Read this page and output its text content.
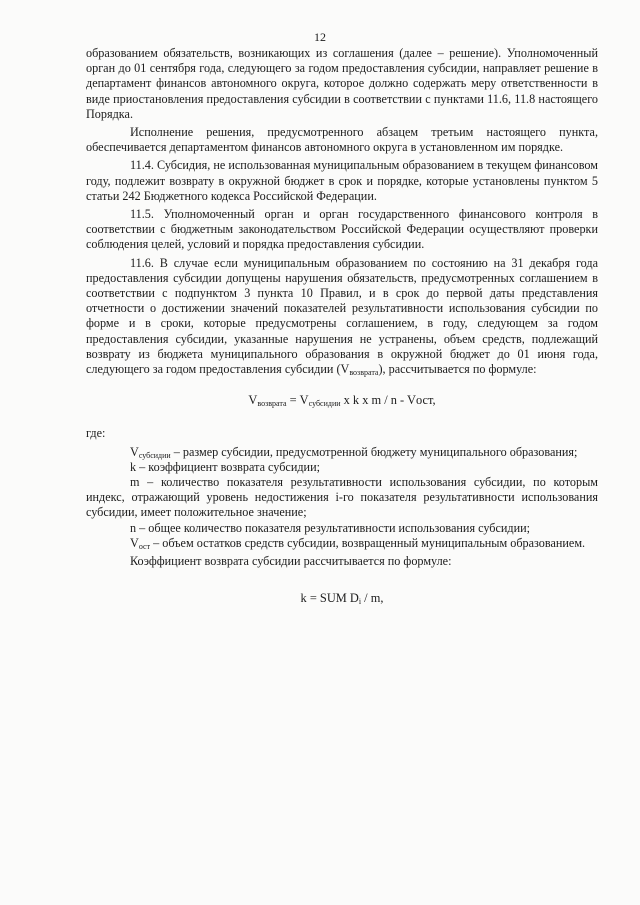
12

образованием обязательств, возникающих из соглашения (далее – решение). Уполномоченный орган до 01 сентября года, следующего за годом предоставления субсидии, направляет решение в департамент финансов автономного округа, которое должно содержать меру ответственности в виде приостановления предоставления субсидии в соответствии с пунктами 11.6, 11.8 настоящего Порядка.

Исполнение решения, предусмотренного абзацем третьим настоящего пункта, обеспечивается департаментом финансов автономного округа в установленном им порядке.

11.4. Субсидия, не использованная муниципальным образованием в текущем финансовом году, подлежит возврату в окружной бюджет в срок и порядке, которые установлены пунктом 5 статьи 242 Бюджетного кодекса Российской Федерации.

11.5. Уполномоченный орган и орган государственного финансового контроля в соответствии с бюджетным законодательством Российской Федерации осуществляют проверки соблюдения целей, условий и порядка предоставления субсидии.

11.6. В случае если муниципальным образованием по состоянию на 31 декабря года предоставления субсидии допущены нарушения обязательств, предусмотренных соглашением в соответствии с подпунктом 3 пункта 10 Правил, и в срок до первой даты представления отчетности о достижении значений показателей результативности использования субсидии по форме и в сроки, которые предусмотрены соглашением, в году, следующем за годом предоставления субсидии, указанные нарушения не устранены, объем средств, подлежащий возврату из бюджета муниципального образования в окружной бюджет до 01 июня года, следующего за годом предоставления субсидии $(V_{возврата})$, рассчитывается по формуле:

$V_{возврата} = V_{субсидии}$ x k x m / n - Vост,

где:

$V_{субсидии}$ – размер субсидии, предусмотренной бюджету муниципального образования;

k – коэффициент возврата субсидии;

m – количество показателя результативности использования субсидии, по которым индекс, отражающий уровень недостижения i-го показателя результативности использования субсидии, имеет положительное значение;

n – общее количество показателя результативности использования субсидии;

$V_{ост}$ – объем остатков средств субсидии, возвращенный муниципальным образованием.

Коэффициент возврата субсидии рассчитывается по формуле:

k = SUM $D_i$ / m,
